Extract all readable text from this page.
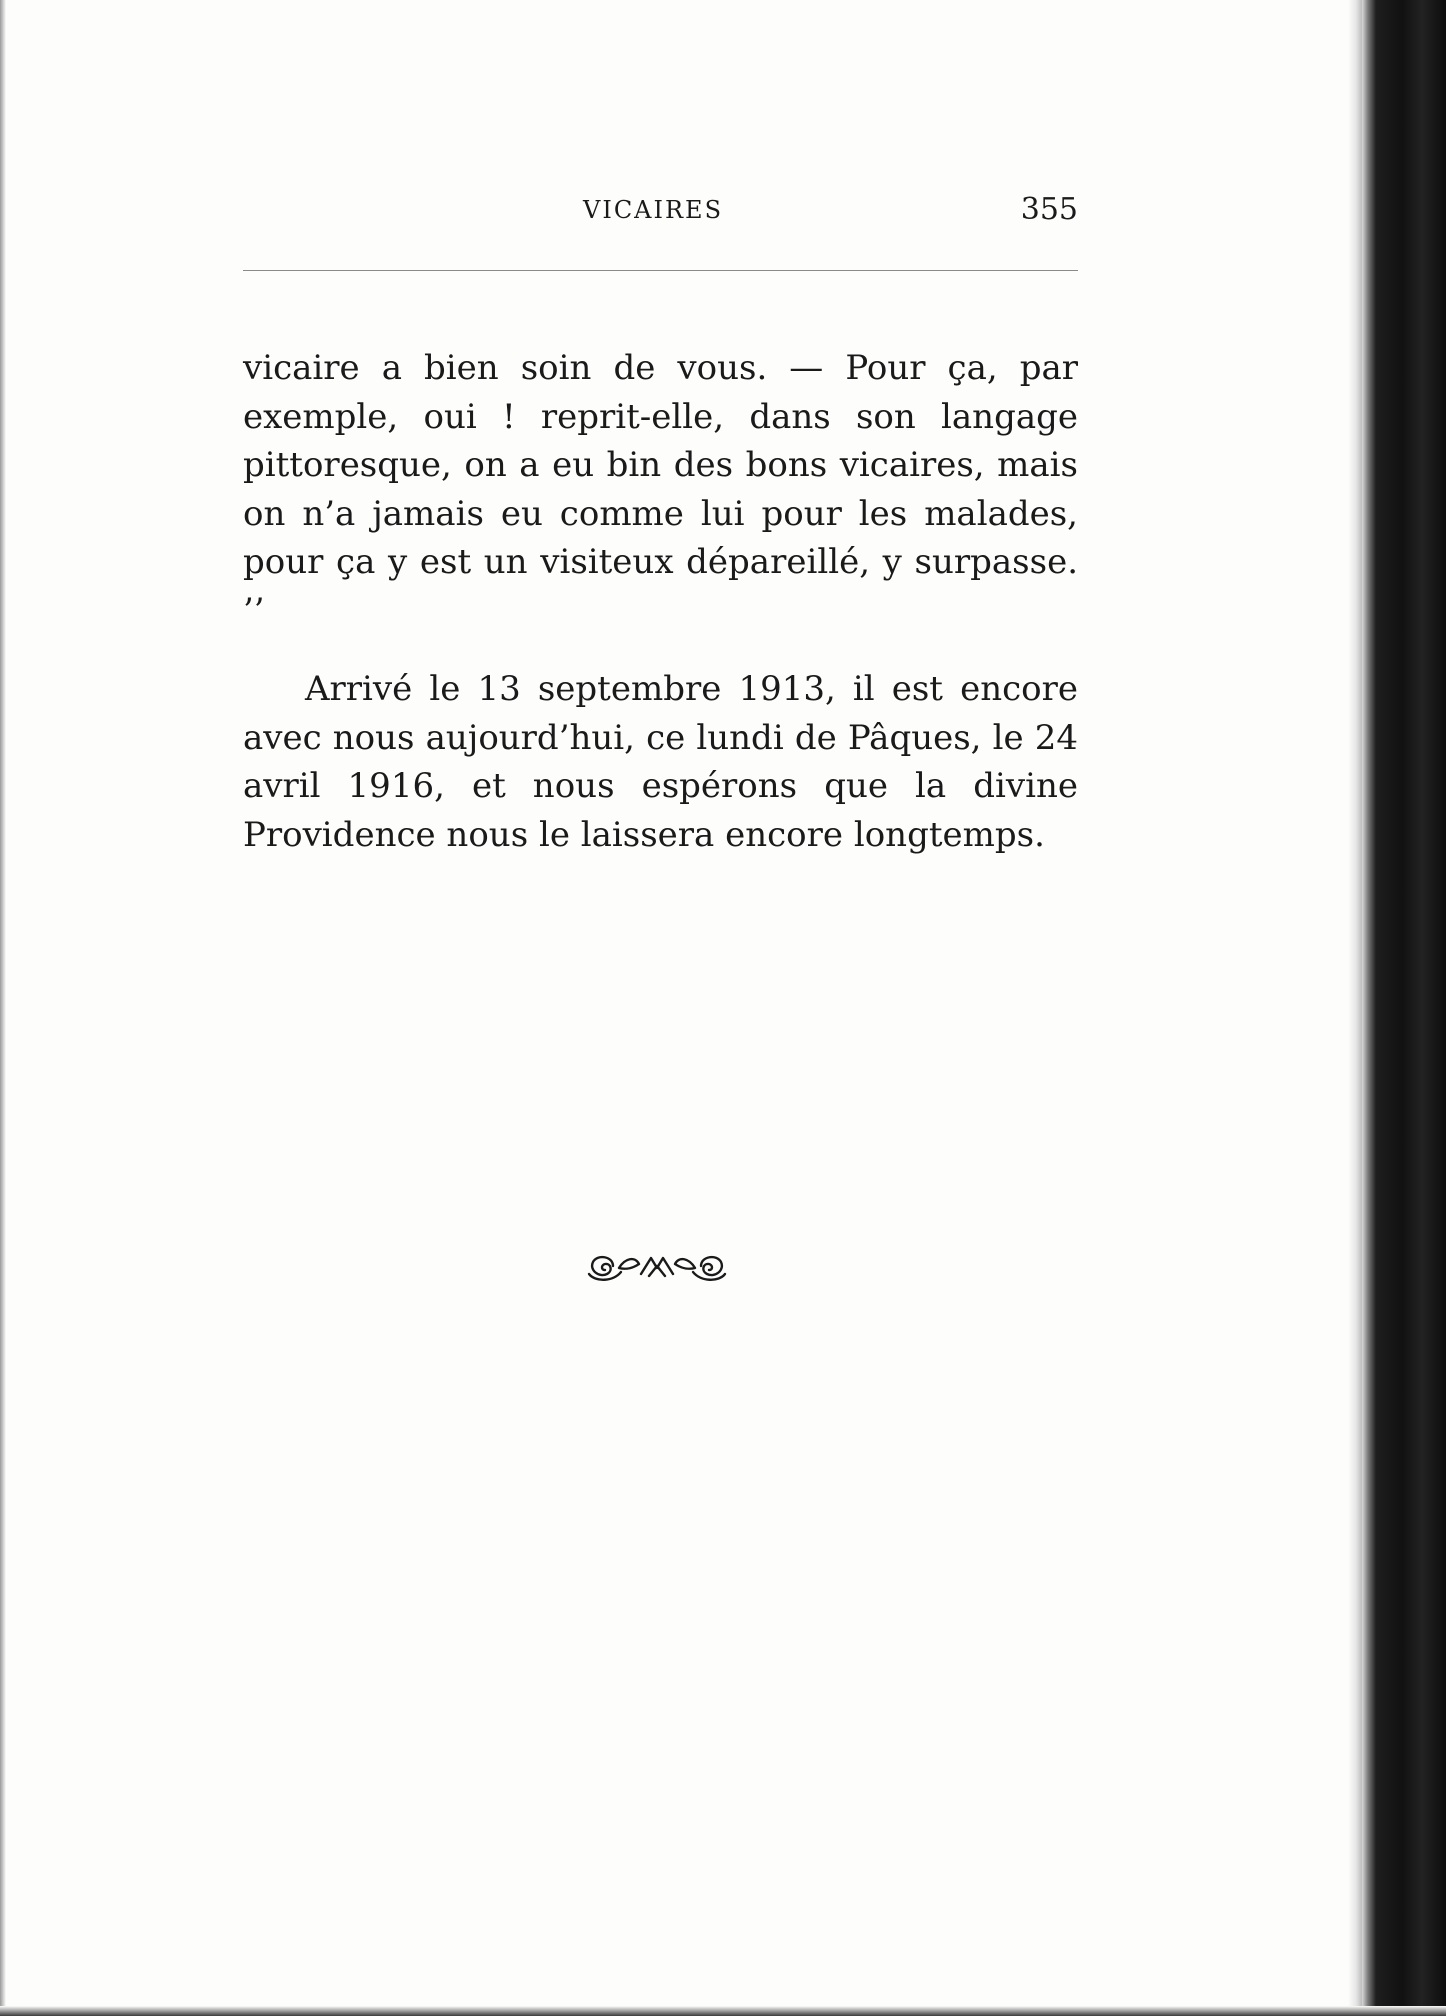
VICAIRES	355

vicaire a bien soin de vous. — Pour ça, par exemple, oui ! reprit-elle, dans son langage pittoresque, on a eu bin des bons vicaires, mais on n’a jamais eu comme lui pour les malades, pour ça y est un visiteux dépareillé, y surpasse. ’’

Arrivé le 13 septembre 1913, il est encore avec nous aujourd’hui, ce lundi de Pâques, le 24 avril 1916, et nous espérons que la divine Providence nous le laissera encore longtemps.
